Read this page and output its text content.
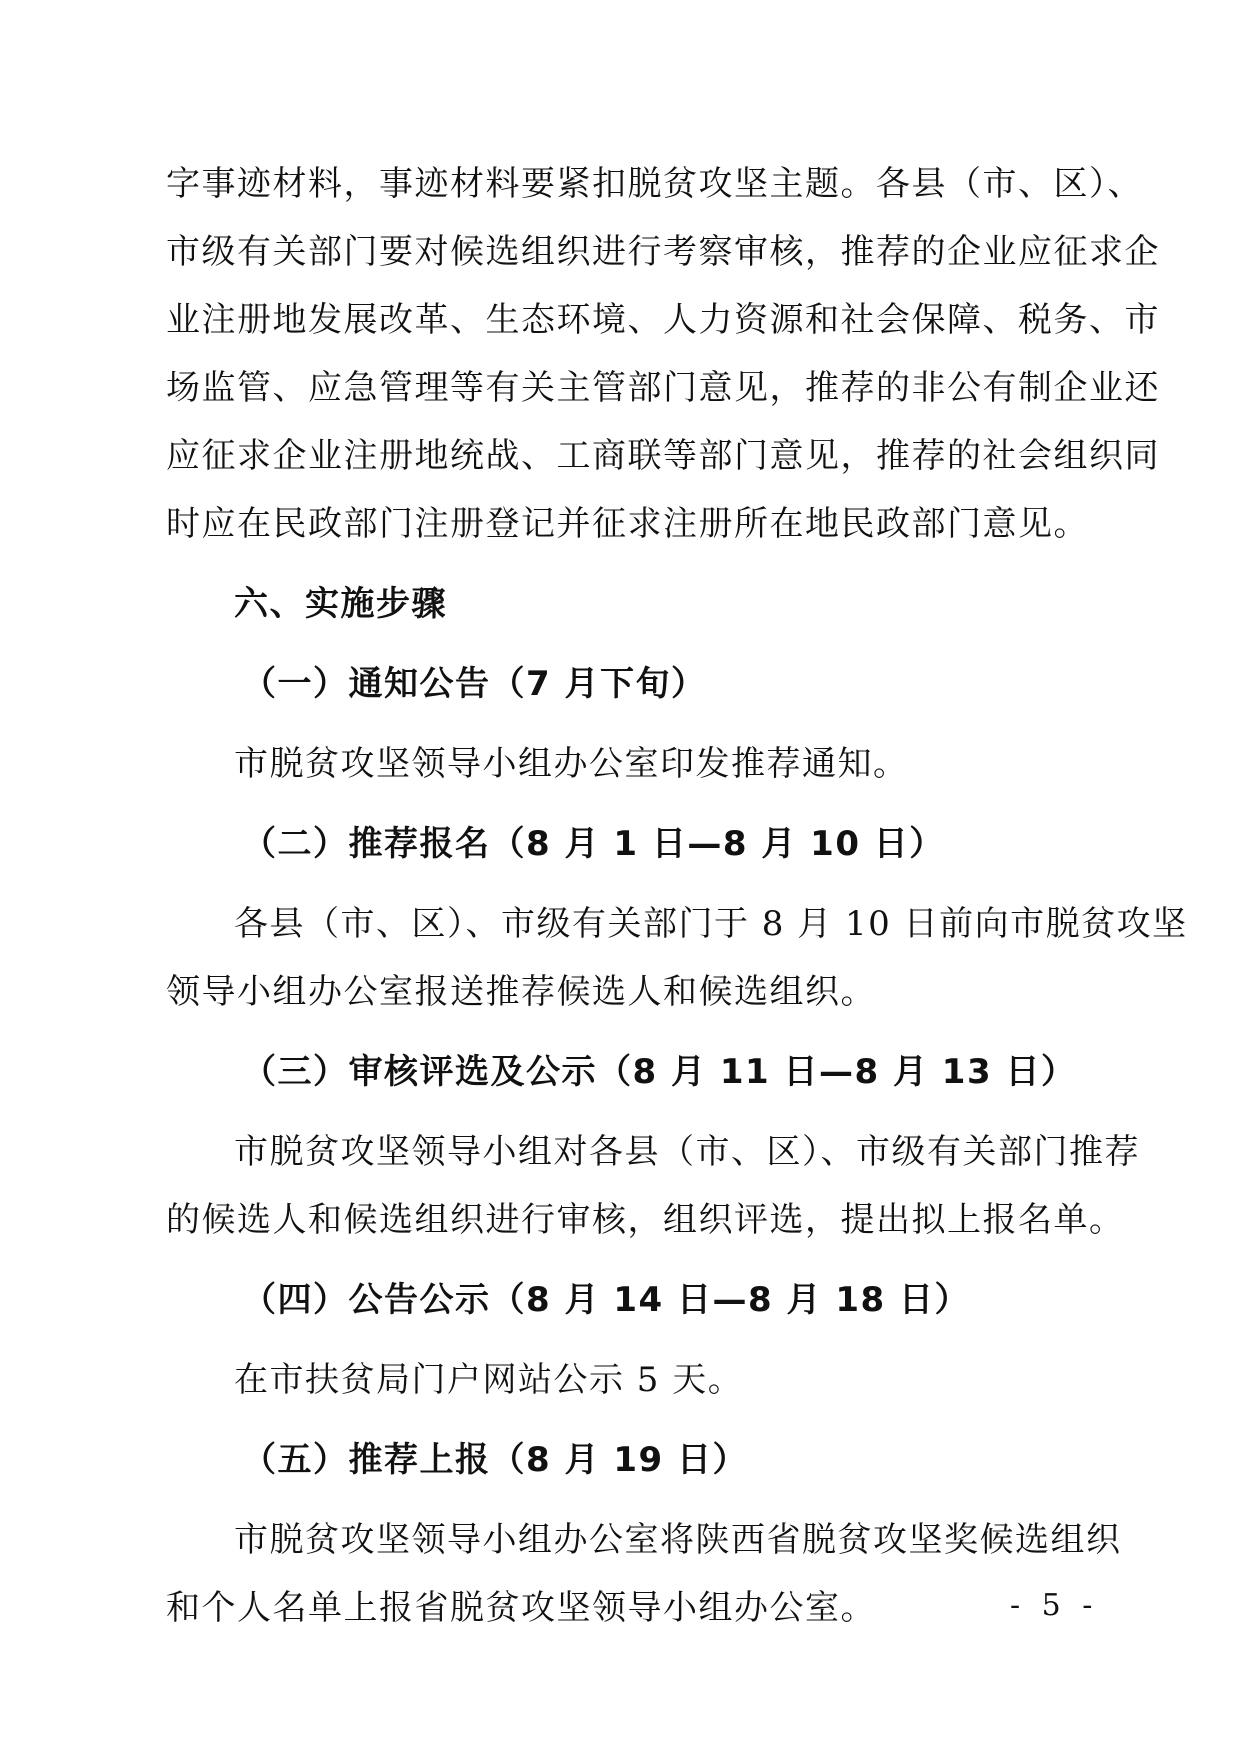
字事迹材料，事迹材料要紧扣脱贫攻坚主题。各县（市、区）、
市级有关部门要对候选组织进行考察审核，推荐的企业应征求企
业注册地发展改革、生态环境、人力资源和社会保障、税务、市
场监管、应急管理等有关主管部门意见，推荐的非公有制企业还
应征求企业注册地统战、工商联等部门意见，推荐的社会组织同
时应在民政部门注册登记并征求注册所在地民政部门意见。
六、实施步骤
（一）通知公告（7 月下旬）
市脱贫攻坚领导小组办公室印发推荐通知。
（二）推荐报名（8 月 1 日—8 月 10 日）
各县（市、区）、市级有关部门于 8 月 10 日前向市脱贫攻坚
领导小组办公室报送推荐候选人和候选组织。
（三）审核评选及公示（8 月 11 日—8 月 13 日）
市脱贫攻坚领导小组对各县（市、区）、市级有关部门推荐
的候选人和候选组织进行审核，组织评选，提出拟上报名单。
（四）公告公示（8 月 14 日—8 月 18 日）
在市扶贫局门户网站公示 5 天。
（五）推荐上报（8 月 19 日）
市脱贫攻坚领导小组办公室将陕西省脱贫攻坚奖候选组织
和个人名单上报省脱贫攻坚领导小组办公室。	- 5 -
